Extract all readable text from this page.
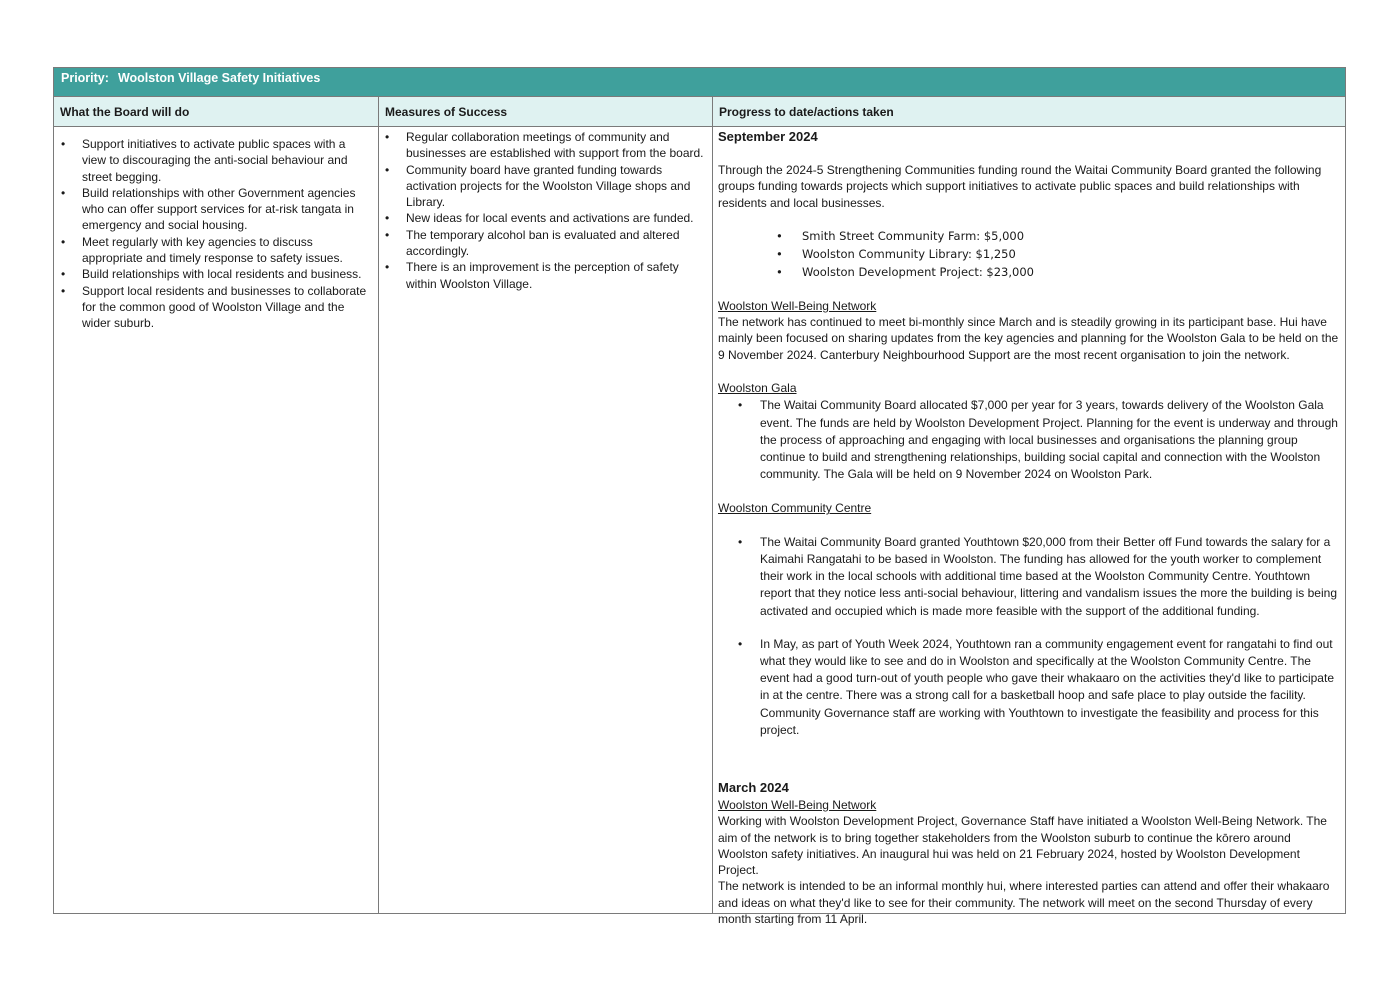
Priority: Woolston Village Safety Initiatives
What the Board will do	Measures of Success	Progress to date/actions taken
• Support initiatives to activate public spaces with a view to discouraging the anti-social behaviour and street begging.
• Build relationships with other Government agencies who can offer support services for at-risk tangata in emergency and social housing.
• Meet regularly with key agencies to discuss appropriate and timely response to safety issues.
• Build relationships with local residents and business.
• Support local residents and businesses to collaborate for the common good of Woolston Village and the wider suburb.
• Regular collaboration meetings of community and businesses are established with support from the board.
• Community board have granted funding towards activation projects for the Woolston Village shops and Library.
• New ideas for local events and activations are funded.
• The temporary alcohol ban is evaluated and altered accordingly.
• There is an improvement is the perception of safety within Woolston Village.
September 2024

Through the 2024-5 Strengthening Communities funding round the Waitai Community Board granted the following groups funding towards projects which support initiatives to activate public spaces and build relationships with residents and local businesses.

• Smith Street Community Farm: $5,000
• Woolston Community Library: $1,250
• Woolston Development Project: $23,000
Woolston Well-Being Network

The network has continued to meet bi-monthly since March and is steadily growing in its participant base. Hui have mainly been focused on sharing updates from the key agencies and planning for the Woolston Gala to be held on the 9 November 2024. Canterbury Neighbourhood Support are the most recent organisation to join the network.

Woolston Gala
• The Waitai Community Board allocated $7,000 per year for 3 years, towards delivery of the Woolston Gala event. The funds are held by Woolston Development Project. Planning for the event is underway and through the process of approaching and engaging with local businesses and organisations the planning group continue to build and strengthening relationships, building social capital and connection with the Woolston community. The Gala will be held on 9 November 2024 on Woolston Park.
Woolston Community Centre
• The Waitai Community Board granted Youthtown $20,000 from their Better off Fund towards the salary for a Kaimahi Rangatahi to be based in Woolston. The funding has allowed for the youth worker to complement their work in the local schools with additional time based at the Woolston Community Centre. Youthtown report that they notice less anti-social behaviour, littering and vandalism issues the more the building is being activated and occupied which is made more feasible with the support of the additional funding.
• In May, as part of Youth Week 2024, Youthtown ran a community engagement event for rangatahi to find out what they would like to see and do in Woolston and specifically at the Woolston Community Centre. The event had a good turn-out of youth people who gave their whakaaro on the activities they'd like to participate in at the centre. There was a strong call for a basketball hoop and safe place to play outside the facility. Community Governance staff are working with Youthtown to investigate the feasibility and process for this project.
March 2024
Woolston Well-Being Network

Working with Woolston Development Project, Governance Staff have initiated a Woolston Well-Being Network. The aim of the network is to bring together stakeholders from the Woolston suburb to continue the kōrero around Woolston safety initiatives. An inaugural hui was held on 21 February 2024, hosted by Woolston Development Project.

The network is intended to be an informal monthly hui, where interested parties can attend and offer their whakaaro and ideas on what they'd like to see for their community. The network will meet on the second Thursday of every month starting from 11 April.
